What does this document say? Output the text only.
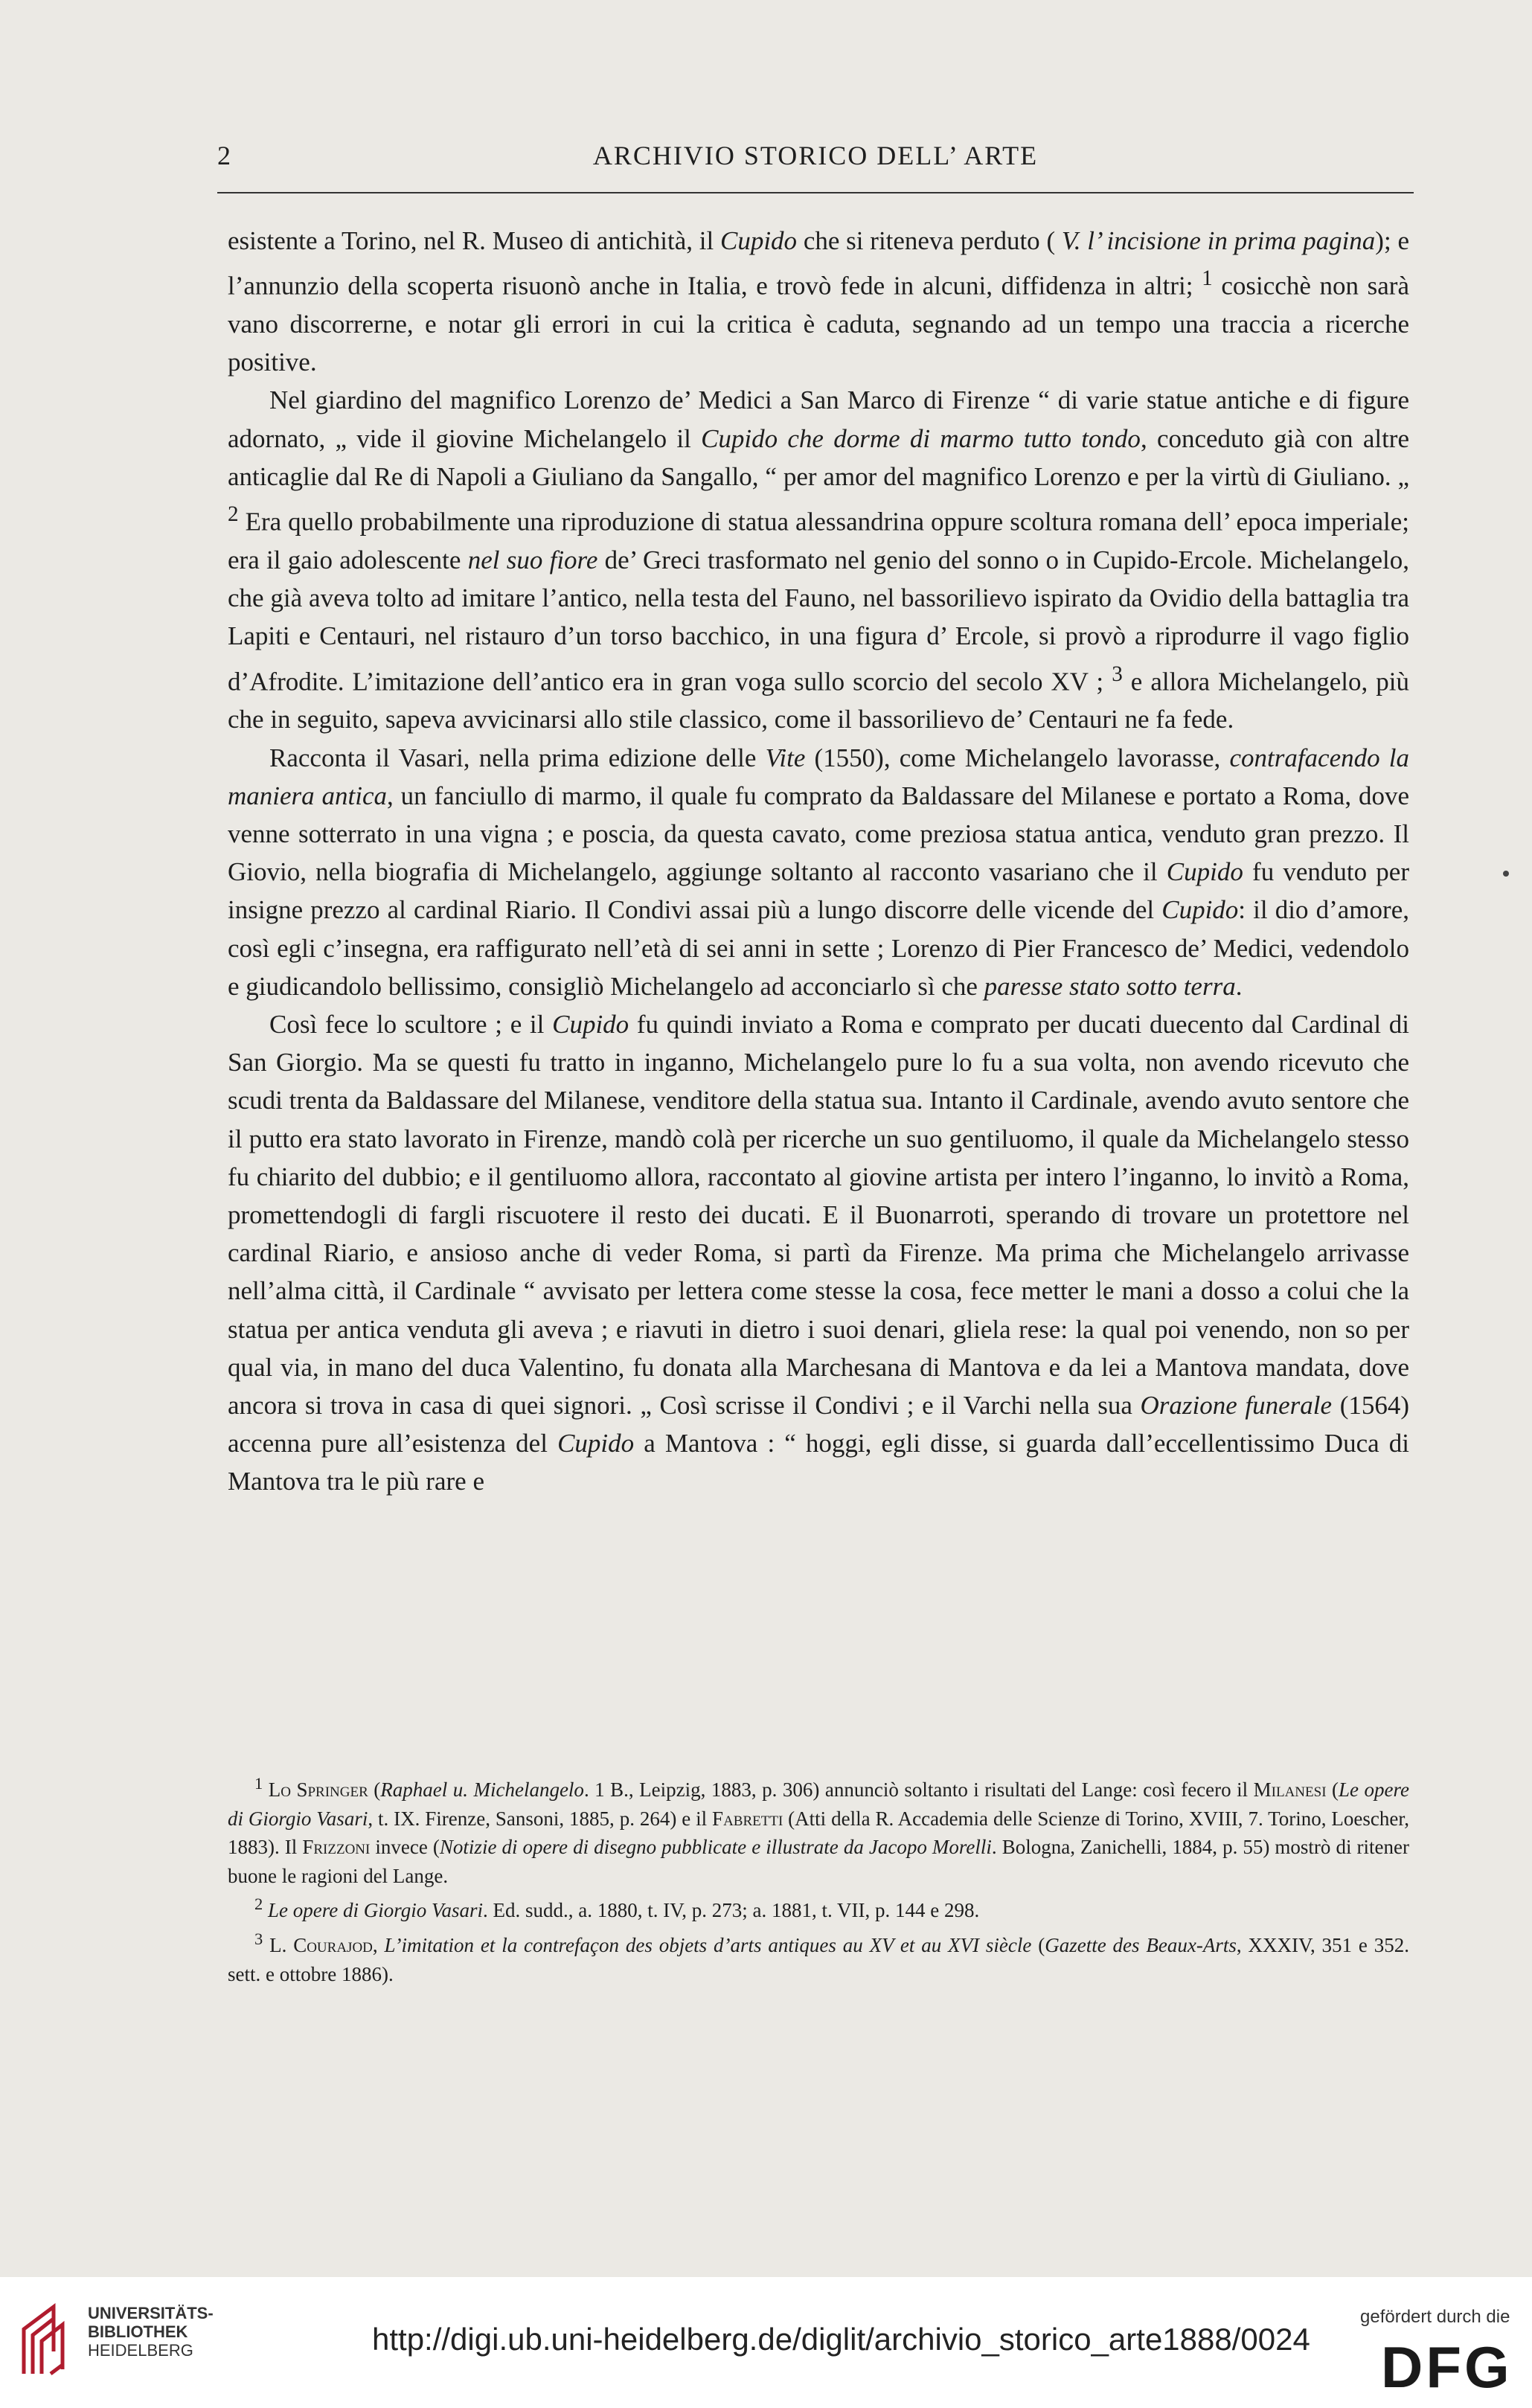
2	ARCHIVIO STORICO DELL’ ARTE

esistente a Torino, nel R. Museo di antichità, il Cupido che si riteneva perduto ( V. l’ incisione in prima pagina); e l’annunzio della scoperta risuonò anche in Italia, e trovò fede in alcuni, diffidenza in altri; $^1$ cosicchè non sarà vano discorrerne, e notar gli errori in cui la critica è caduta, segnando ad un tempo una traccia a ricerche positive.

Nel giardino del magnifico Lorenzo de’ Medici a San Marco di Firenze “ di varie statue antiche e di figure adornato, „ vide il giovine Michelangelo il Cupido che dorme di marmo tutto tondo, conceduto già con altre anticaglie dal Re di Napoli a Giuliano da Sangallo, “ per amor del magnifico Lorenzo e per la virtù di Giuliano. „ $^2$ Era quello probabilmente una riproduzione di statua alessandrina oppure scoltura romana dell’ epoca imperiale; era il gaio adolescente nel suo fiore de’ Greci trasformato nel genio del sonno o in Cupido-Ercole. Michelangelo, che già aveva tolto ad imitare l’antico, nella testa del Fauno, nel bassorilievo ispirato da Ovidio della battaglia tra Lapiti e Centauri, nel ristauro d’un torso bacchico, in una figura d’ Ercole, si provò a riprodurre il vago figlio d’Afrodite. L’imitazione dell’antico era in gran voga sullo scorcio del secolo XV ; $^3$ e allora Michelangelo, più che in seguito, sapeva avvicinarsi allo stile classico, come il bassorilievo de’ Centauri ne fa fede.

Racconta il Vasari, nella prima edizione delle Vite (1550), come Michelangelo lavorasse, contrafacendo la maniera antica, un fanciullo di marmo, il quale fu comprato da Baldassare del Milanese e portato a Roma, dove venne sotterrato in una vigna ; e poscia, da questa cavato, come preziosa statua antica, venduto gran prezzo. Il Giovio, nella biografia di Michelangelo, aggiunge soltanto al racconto vasariano che il Cupido fu venduto per insigne prezzo al cardinal Riario. Il Condivi assai più a lungo discorre delle vicende del Cupido: il dio d’amore, così egli c’insegna, era raffigurato nell’età di sei anni in sette ; Lorenzo di Pier Francesco de’ Medici, vedendolo e giudicandolo bellissimo, consigliò Michelangelo ad acconciarlo sì che paresse stato sotto terra.

Così fece lo scultore ; e il Cupido fu quindi inviato a Roma e comprato per ducati duecento dal Cardinal di San Giorgio. Ma se questi fu tratto in inganno, Michelangelo pure lo fu a sua volta, non avendo ricevuto che scudi trenta da Baldassare del Milanese, venditore della statua sua. Intanto il Cardinale, avendo avuto sentore che il putto era stato lavorato in Firenze, mandò colà per ricerche un suo gentiluomo, il quale da Michelangelo stesso fu chiarito del dubbio; e il gentiluomo allora, raccontato al giovine artista per intero l’inganno, lo invitò a Roma, promettendogli di fargli riscuotere il resto dei ducati. E il Buonarroti, sperando di trovare un protettore nel cardinal Riario, e ansioso anche di veder Roma, si partì da Firenze. Ma prima che Michelangelo arrivasse nell’alma città, il Cardinale “ avvisato per lettera come stesse la cosa, fece metter le mani a dosso a colui che la statua per antica venduta gli aveva ; e riavuti in dietro i suoi denari, gliela rese: la qual poi venendo, non so per qual via, in mano del duca Valentino, fu donata alla Marchesana di Mantova e da lei a Mantova mandata, dove ancora si trova in casa di quei signori. „ Così scrisse il Condivi ; e il Varchi nella sua Orazione funerale (1564) accenna pure all’esistenza del Cupido a Mantova : “ hoggi, egli disse, si guarda dall’eccellentissimo Duca di Mantova tra le più rare e

$^1$ Lo Springer (Raphael u. Michelangelo. 1 B., Leipzig, 1883, p. 306) annunciò soltanto i risultati del Lange: così fecero il Milanesi (Le opere di Giorgio Vasari, t. IX. Firenze, Sansoni, 1885, p. 264) e il Fabretti (Atti della R. Accademia delle Scienze di Torino, XVIII, 7. Torino, Loescher, 1883). Il Frizzoni invece (Notizie di opere di disegno pubblicate e illustrate da Jacopo Morelli. Bologna, Zanichelli, 1884, p. 55) mostrò di ritener buone le ragioni del Lange.

$^2$ Le opere di Giorgio Vasari. Ed. sudd., a. 1880, t. IV, p. 273; a. 1881, t. VII, p. 144 e 298.

$^3$ L. Courajod, L’imitation et la contrefaçon des objets d’arts antiques au XV et au XVI siècle (Gazette des Beaux-Arts, XXXIV, 351 e 352. sett. e ottobre 1886).

UNIVERSITÄTS-
BIBLIOTHEK
HEIDELBERG	http://digi.ub.uni-heidelberg.de/diglit/archivio_storico_arte1888/0024
gefördert durch die
DFG
